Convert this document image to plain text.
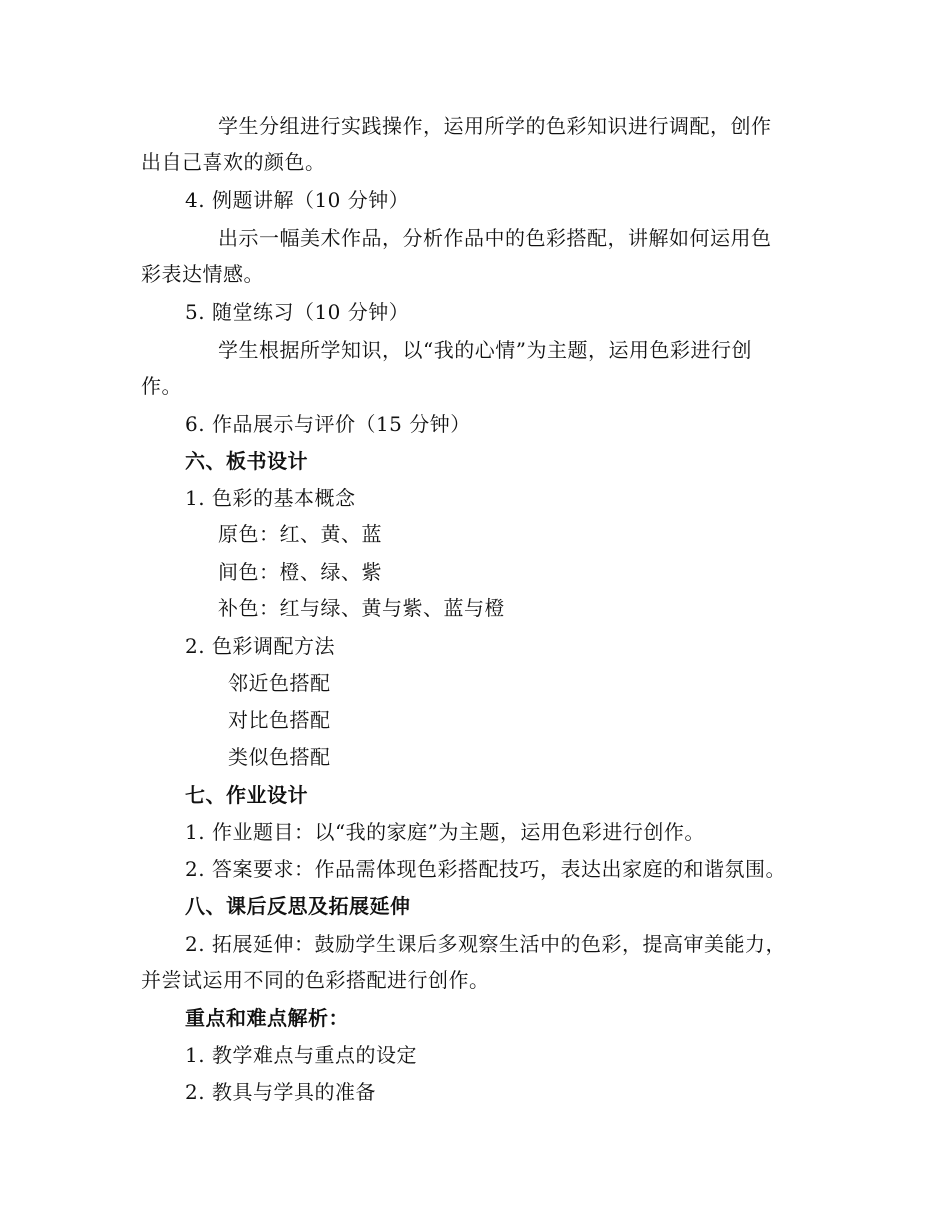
学生分组进行实践操作，运用所学的色彩知识进行调配，创作
出自己喜欢的颜色。
4. 例题讲解（10 分钟）
出示一幅美术作品，分析作品中的色彩搭配，讲解如何运用色
彩表达情感。
5. 随堂练习（10 分钟）
学生根据所学知识，以“我的心情”为主题，运用色彩进行创
作。
6. 作品展示与评价（15 分钟）
六、板书设计
1. 色彩的基本概念
原色：红、黄、蓝
间色：橙、绿、紫
补色：红与绿、黄与紫、蓝与橙
2. 色彩调配方法
邻近色搭配
对比色搭配
类似色搭配
七、作业设计
1. 作业题目：以“我的家庭”为主题，运用色彩进行创作。
2. 答案要求：作品需体现色彩搭配技巧，表达出家庭的和谐氛围。
八、课后反思及拓展延伸
2. 拓展延伸：鼓励学生课后多观察生活中的色彩，提高审美能力，
并尝试运用不同的色彩搭配进行创作。
重点和难点解析：
1. 教学难点与重点的设定
2. 教具与学具的准备
